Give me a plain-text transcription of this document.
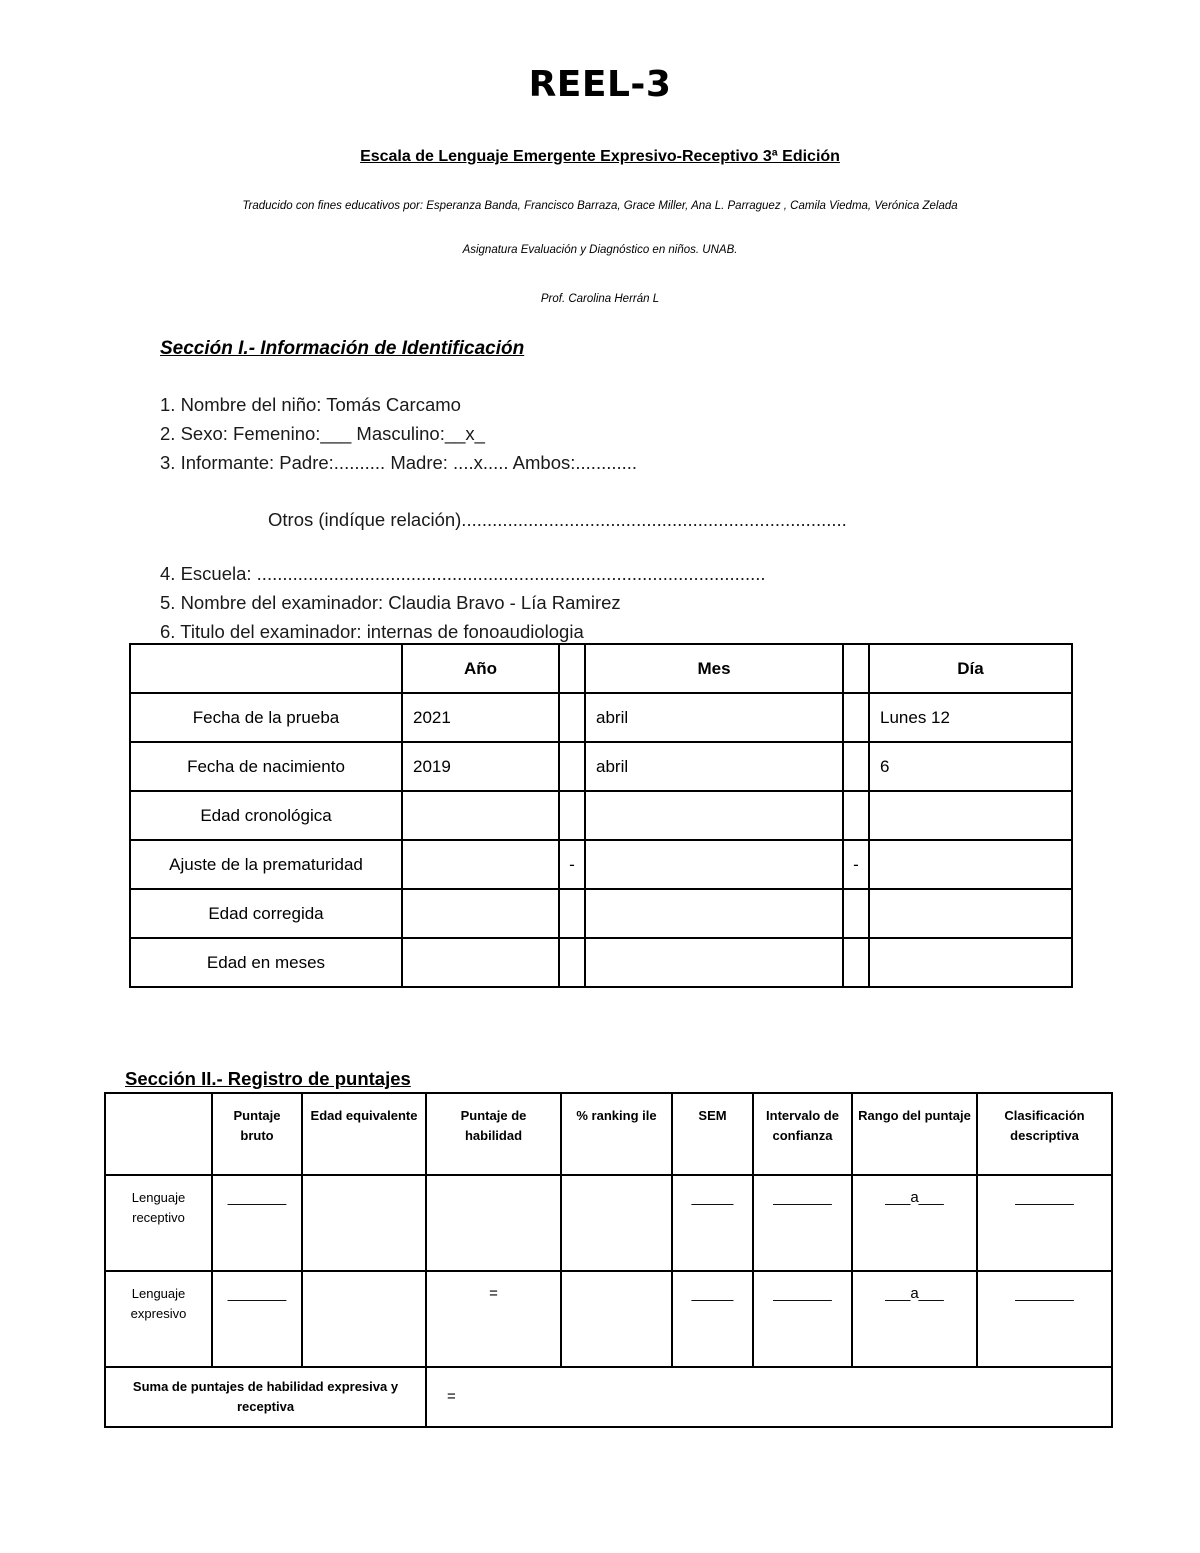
REEL-3
Escala de Lenguaje Emergente Expresivo-Receptivo 3ª Edición
Traducido con fines educativos por: Esperanza Banda, Francisco Barraza, Grace Miller, Ana L. Parraguez , Camila Viedma, Verónica Zelada
Asignatura Evaluación y Diagnóstico en niños. UNAB.
Prof. Carolina Herrán L
Sección I.- Información de Identificación
1. Nombre del niño: Tomás Carcamo
2. Sexo: Femenino:___ Masculino:__x_
3. Informante: Padre:.......... Madre: ....x..... Ambos:............
Otros (indíque relación)...........................................................................
4. Escuela: ...................................................................................................
5. Nombre del examinador: Claudia Bravo - Lía Ramirez
6. Titulo del examinador: internas de fonoaudiologia
	Año		Mes		Día
Fecha de la prueba	2021		abril		Lunes 12
Fecha de nacimiento	2019		abril		6
Edad cronológica					
Ajuste de la prematuridad		-		-	
Edad corregida					
Edad en meses					
Sección II.- Registro de puntajes
	Puntaje bruto	Edad equivalente	Puntaje de habilidad	% ranking ile	SEM	Intervalo de confianza	Rango del puntaje	Clasificación descriptiva
Lenguaje receptivo	_______				_____	_______	___a___	_______
Lenguaje expresivo	_______		=		_____	_______	___a___	_______
Suma de puntajes de habilidad expresiva y receptiva			=					
